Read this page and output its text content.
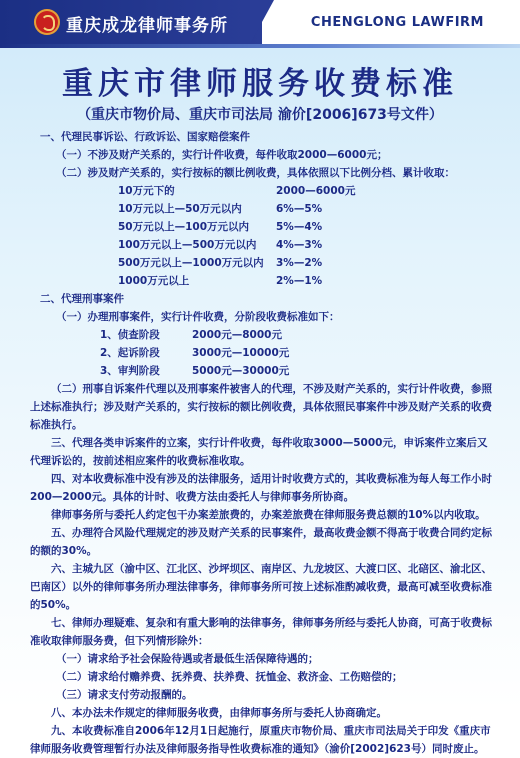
重庆成龙律师事务所	CHENGLONG LAWFIRM
重庆市律师服务收费标准
（重庆市物价局、重庆市司法局 渝价[2006]673号文件）
一、代理民事诉讼、行政诉讼、国家赔偿案件
（一）不涉及财产关系的，实行计件收费，每件收取2000—6000元；
（二）涉及财产关系的，实行按标的额比例收费，具体依照以下比例分档、累计收取：
10万元下的	2000—6000元
10万元以上—50万元以内	6%—5%
50万元以上—100万元以内	5%—4%
100万元以上—500万元以内 4%—3%
500万元以上—1000万元以内 3%—2%
1000万元以上	2%—1%
二、代理刑事案件
（一）办理刑事案件，实行计件收费，分阶段收费标准如下：
1、侦查阶段	2000元—8000元
2、起诉阶段	3000元—10000元
3、审判阶段	5000元—30000元

（二）刑事自诉案件代理以及刑事案件被害人的代理，不涉及财产关系的，实行计件收费，参照上述标准执行；涉及财产关系的，实行按标的额比例收费，具体依照民事案件中涉及财产关系的收费标准执行。

三、代理各类申诉案件的立案，实行计件收费，每件收取3000—5000元，申诉案件立案后又代理诉讼的，按前述相应案件的收费标准收取。

四、对本收费标准中没有涉及的法律服务，适用计时收费方式的，其收费标准为每人每工作小时200—2000元。具体的计时、收费方法由委托人与律师事务所协商。

律师事务所与委托人约定包干办案差旅费的，办案差旅费在律师服务费总额的10%以内收取。

五、办理符合风险代理规定的涉及财产关系的民事案件，最高收费金额不得高于收费合同约定标的额的30%。

六、主城九区（渝中区、江北区、沙坪坝区、南岸区、九龙坡区、大渡口区、北碚区、渝北区、巴南区）以外的律师事务所办理法律事务，律师事务所可按上述标准酌减收费，最高可减至收费标准的50%。

七、律师办理疑难、复杂和有重大影响的法律事务，律师事务所经与委托人协商，可高于收费标准收取律师服务费，但下列情形除外：

（一）请求给予社会保险待遇或者最低生活保障待遇的；
（二）请求给付赡养费、抚养费、扶养费、抚恤金、救济金、工伤赔偿的；
（三）请求支付劳动报酬的。

八、本办法未作规定的律师服务收费，由律师事务所与委托人协商确定。

九、本收费标准自2006年12月1日起施行，原重庆市物价局、重庆市司法局关于印发《重庆市律师服务收费管理暂行办法及律师服务指导性收费标准的通知》（渝价[2002]623号）同时废止。
